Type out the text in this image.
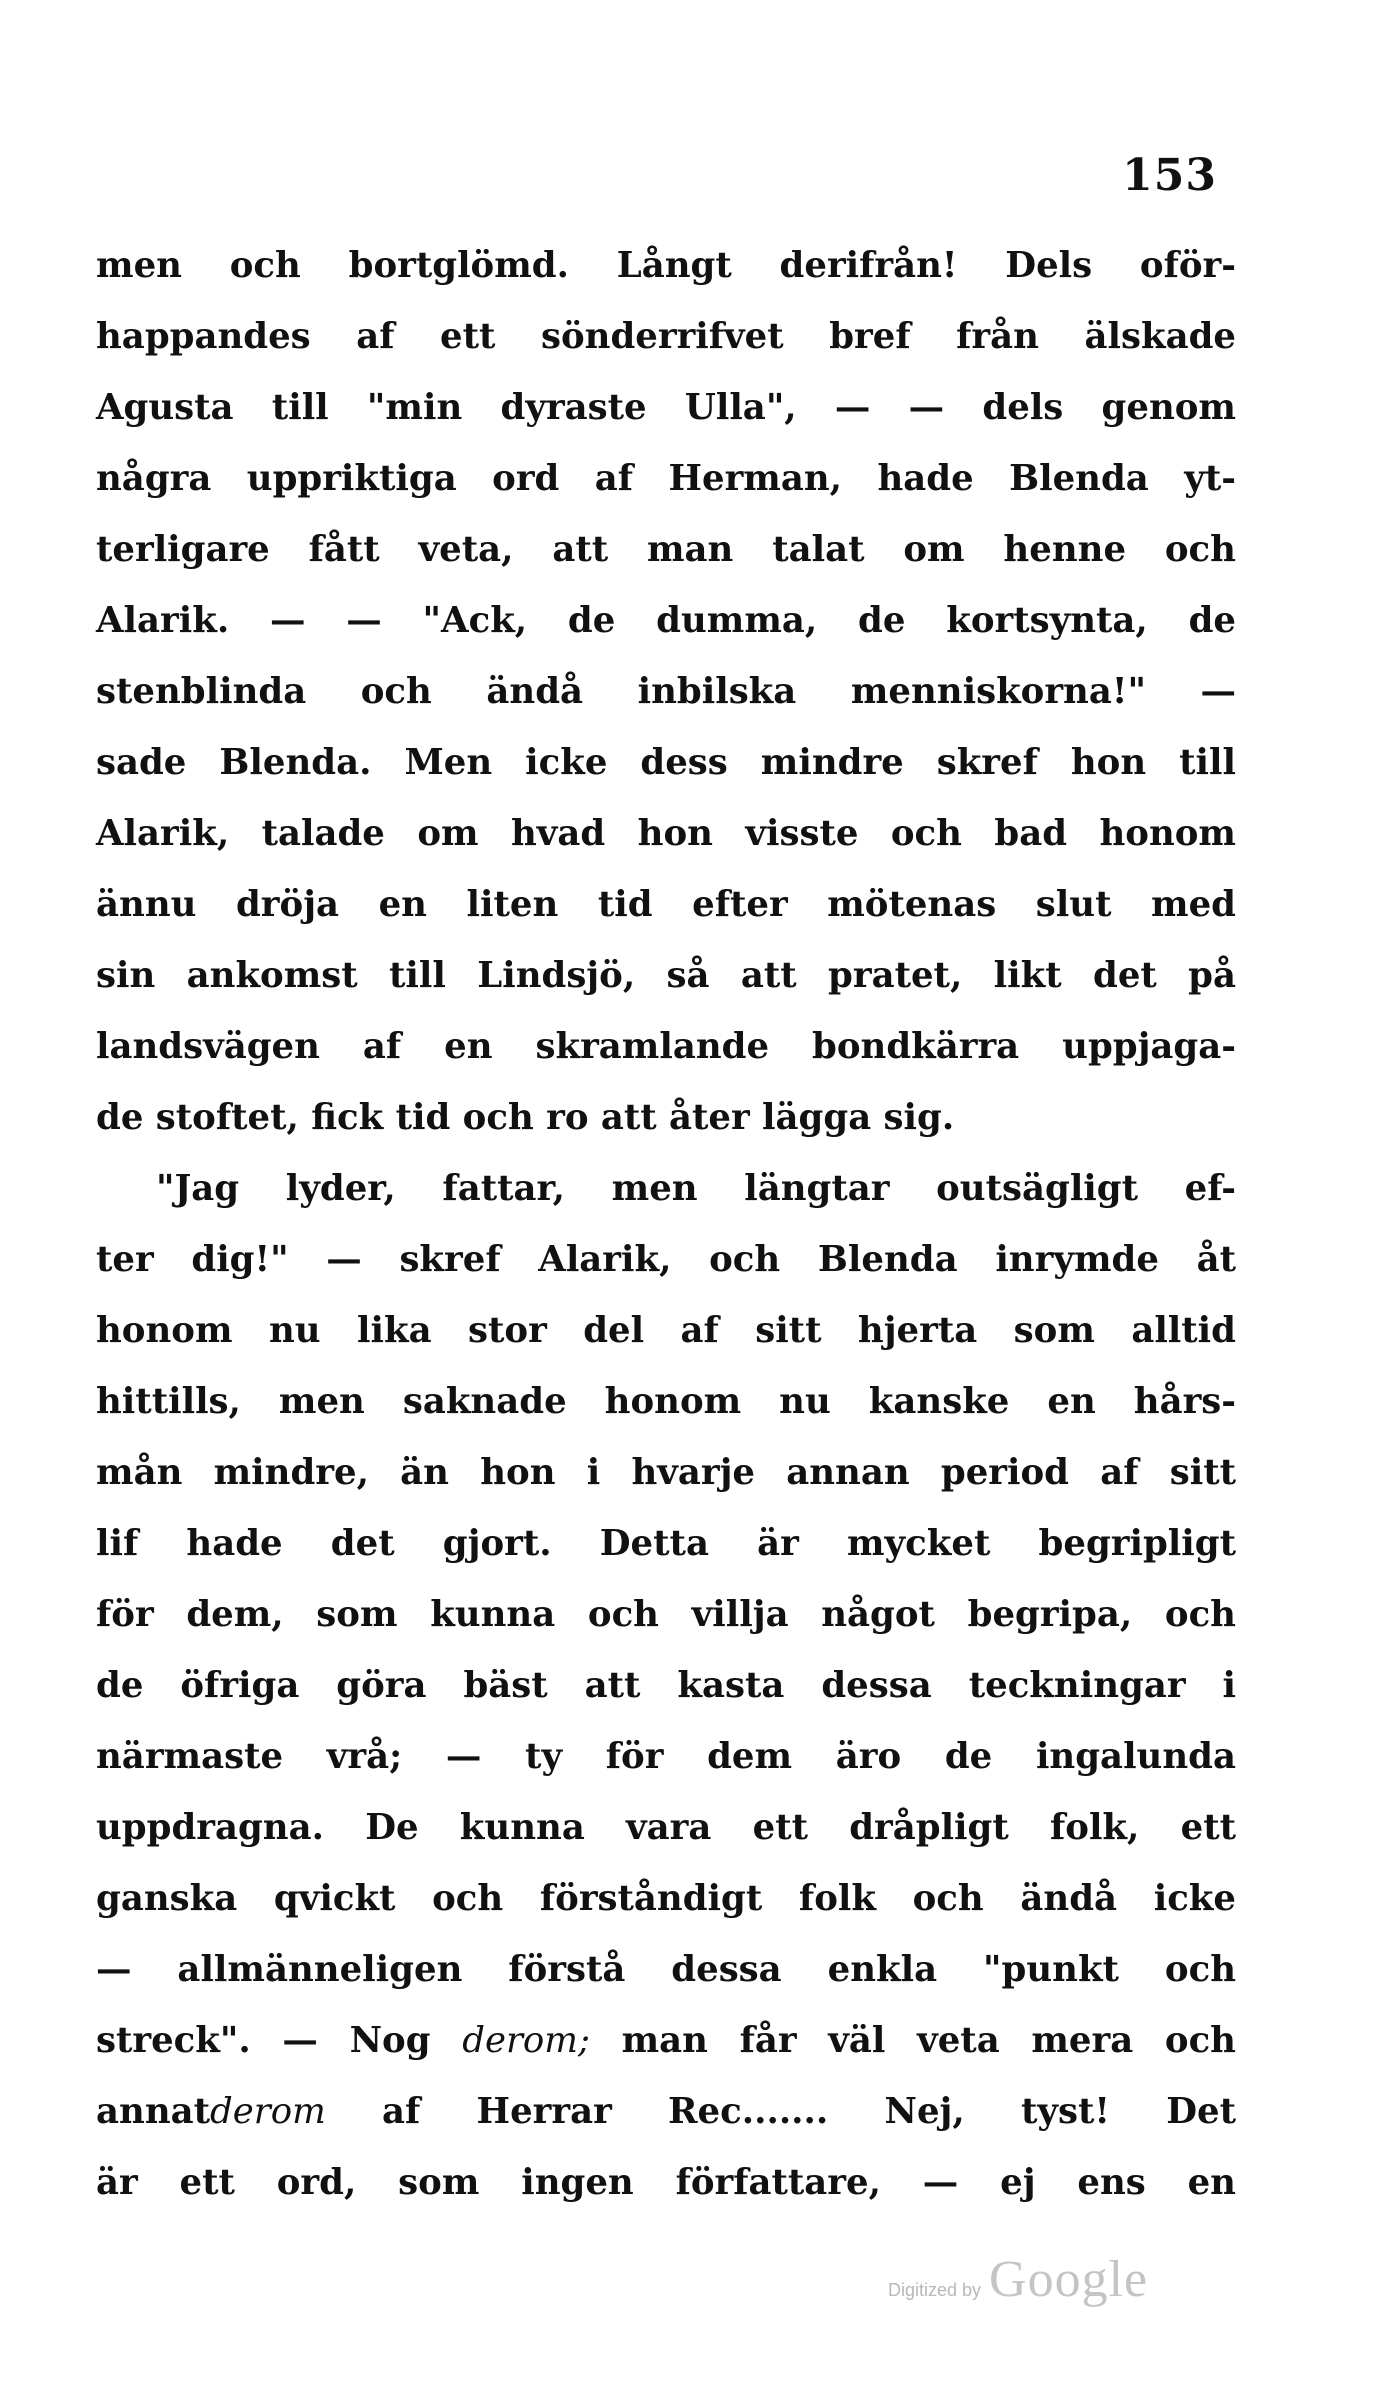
153
men och bortglömd. Långt derifrån! Dels oför-
happandes af ett sönderrifvet bref från älskade
Agusta till "min dyraste Ulla", — — dels genom
några uppriktiga ord af Herman, hade Blenda yt-
terligare fått veta, att man talat om henne och
Alarik. — — "Ack, de dumma, de kortsynta, de
stenblinda och ändå inbilska menniskorna!" —
sade Blenda. Men icke dess mindre skref hon till
Alarik, talade om hvad hon visste och bad honom
ännu dröja en liten tid efter mötenas slut med
sin ankomst till Lindsjö, så att pratet, likt det på
landsvägen af en skramlande bondkärra uppjaga-
de stoftet, fick tid och ro att åter lägga sig.
"Jag lyder, fattar, men längtar outsägligt ef-
ter dig!" — skref Alarik, och Blenda inrymde åt
honom nu lika stor del af sitt hjerta som alltid
hittills, men saknade honom nu kanske en hårs-
mån mindre, än hon i hvarje annan period af sitt
lif hade det gjort. Detta är mycket begripligt
för dem, som kunna och villja något begripa, och
de öfriga göra bäst att kasta dessa teckningar i
närmaste vrå; — ty för dem äro de ingalunda
uppdragna. De kunna vara ett dråpligt folk, ett
ganska qvickt och förståndigt folk och ändå icke
— allmänneligen förstå dessa enkla "punkt och
streck". — Nog derom; man får väl veta mera och
annatderom af Herrar Rec....... Nej, tyst! Det
är ett ord, som ingen författare, — ej ens en
Digitized by Google
